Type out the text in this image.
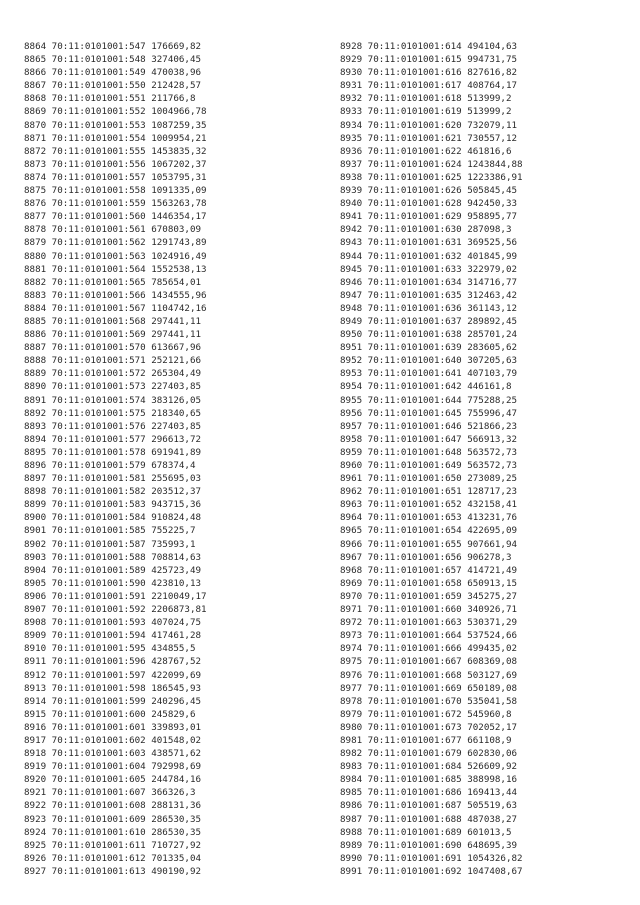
8864 70:11:0101001:547 176669,82
8865 70:11:0101001:548 327406,45
8866 70:11:0101001:549 470038,96
8867 70:11:0101001:550 212428,57
8868 70:11:0101001:551 211766,8
8869 70:11:0101001:552 1004966,78
8870 70:11:0101001:553 1087259,35
8871 70:11:0101001:554 1009954,21
8872 70:11:0101001:555 1453835,32
8873 70:11:0101001:556 1067202,37
8874 70:11:0101001:557 1053795,31
8875 70:11:0101001:558 1091335,09
8876 70:11:0101001:559 1563263,78
8877 70:11:0101001:560 1446354,17
8878 70:11:0101001:561 670803,09
8879 70:11:0101001:562 1291743,89
8880 70:11:0101001:563 1024916,49
8881 70:11:0101001:564 1552538,13
8882 70:11:0101001:565 785654,01
8883 70:11:0101001:566 1434555,96
8884 70:11:0101001:567 1104742,16
8885 70:11:0101001:568 297441,11
8886 70:11:0101001:569 297441,11
8887 70:11:0101001:570 613667,96
8888 70:11:0101001:571 252121,66
8889 70:11:0101001:572 265304,49
8890 70:11:0101001:573 227403,85
8891 70:11:0101001:574 383126,05
8892 70:11:0101001:575 218340,65
8893 70:11:0101001:576 227403,85
8894 70:11:0101001:577 296613,72
8895 70:11:0101001:578 691941,89
8896 70:11:0101001:579 678374,4
8897 70:11:0101001:581 255695,03
8898 70:11:0101001:582 203512,37
8899 70:11:0101001:583 943715,36
8900 70:11:0101001:584 910824,48
8901 70:11:0101001:585 755225,7
8902 70:11:0101001:587 735993,1
8903 70:11:0101001:588 708814,63
8904 70:11:0101001:589 425723,49
8905 70:11:0101001:590 423810,13
8906 70:11:0101001:591 2210049,17
8907 70:11:0101001:592 2206873,81
8908 70:11:0101001:593 407024,75
8909 70:11:0101001:594 417461,28
8910 70:11:0101001:595 434855,5
8911 70:11:0101001:596 428767,52
8912 70:11:0101001:597 422099,69
8913 70:11:0101001:598 186545,93
8914 70:11:0101001:599 240296,45
8915 70:11:0101001:600 245829,6
8916 70:11:0101001:601 339893,01
8917 70:11:0101001:602 401548,02
8918 70:11:0101001:603 438571,62
8919 70:11:0101001:604 792998,69
8920 70:11:0101001:605 244784,16
8921 70:11:0101001:607 366326,3
8922 70:11:0101001:608 288131,36
8923 70:11:0101001:609 286530,35
8924 70:11:0101001:610 286530,35
8925 70:11:0101001:611 710727,92
8926 70:11:0101001:612 701335,04
8927 70:11:0101001:613 490190,92
8928 70:11:0101001:614 494104,63
8929 70:11:0101001:615 994731,75
8930 70:11:0101001:616 827616,82
8931 70:11:0101001:617 408764,17
8932 70:11:0101001:618 513999,2
8933 70:11:0101001:619 513999,2
8934 70:11:0101001:620 732079,11
8935 70:11:0101001:621 730557,12
8936 70:11:0101001:622 461816,6
8937 70:11:0101001:624 1243844,88
8938 70:11:0101001:625 1223386,91
8939 70:11:0101001:626 505845,45
8940 70:11:0101001:628 942450,33
8941 70:11:0101001:629 958895,77
8942 70:11:0101001:630 287098,3
8943 70:11:0101001:631 369525,56
8944 70:11:0101001:632 401845,99
8945 70:11:0101001:633 322979,02
8946 70:11:0101001:634 314716,77
8947 70:11:0101001:635 312463,42
8948 70:11:0101001:636 361143,12
8949 70:11:0101001:637 289892,45
8950 70:11:0101001:638 285701,24
8951 70:11:0101001:639 283605,62
8952 70:11:0101001:640 307205,63
8953 70:11:0101001:641 407103,79
8954 70:11:0101001:642 446161,8
8955 70:11:0101001:644 775288,25
8956 70:11:0101001:645 755996,47
8957 70:11:0101001:646 521866,23
8958 70:11:0101001:647 566913,32
8959 70:11:0101001:648 563572,73
8960 70:11:0101001:649 563572,73
8961 70:11:0101001:650 273089,25
8962 70:11:0101001:651 128717,23
8963 70:11:0101001:652 432158,41
8964 70:11:0101001:653 413231,76
8965 70:11:0101001:654 422695,09
8966 70:11:0101001:655 907661,94
8967 70:11:0101001:656 906278,3
8968 70:11:0101001:657 414721,49
8969 70:11:0101001:658 650913,15
8970 70:11:0101001:659 345275,27
8971 70:11:0101001:660 340926,71
8972 70:11:0101001:663 530371,29
8973 70:11:0101001:664 537524,66
8974 70:11:0101001:666 499435,02
8975 70:11:0101001:667 608369,08
8976 70:11:0101001:668 503127,69
8977 70:11:0101001:669 650189,08
8978 70:11:0101001:670 535041,58
8979 70:11:0101001:672 545960,8
8980 70:11:0101001:673 702052,17
8981 70:11:0101001:677 661108,9
8982 70:11:0101001:679 602830,06
8983 70:11:0101001:684 526609,92
8984 70:11:0101001:685 388998,16
8985 70:11:0101001:686 169413,44
8986 70:11:0101001:687 505519,63
8987 70:11:0101001:688 487038,27
8988 70:11:0101001:689 601013,5
8989 70:11:0101001:690 648695,39
8990 70:11:0101001:691 1054326,82
8991 70:11:0101001:692 1047408,67
